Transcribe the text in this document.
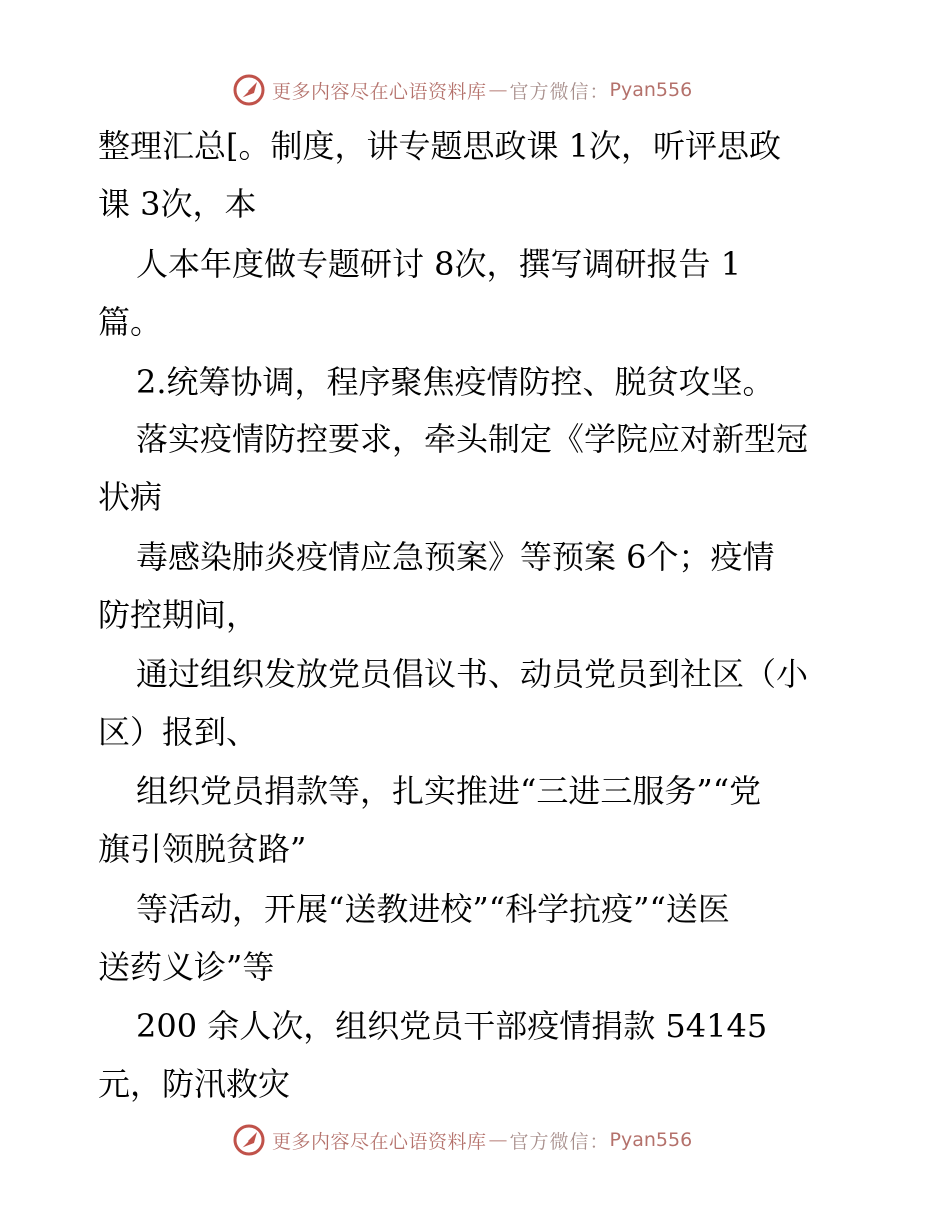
更多内容尽在心语资料库 — 官方微信： Pyan556
整理汇总[。制度，讲专题思政课 1次，听评思政
课 3次，本
人本年度做专题研讨 8次，撰写调研报告 1
篇。
2.统筹协调，程序聚焦疫情防控、脱贫攻坚。
落实疫情防控要求，牵头制定《学院应对新型冠
状病
毒感染肺炎疫情应急预案》等预案 6个；疫情
防控期间，
通过组织发放党员倡议书、动员党员到社区（小
区）报到、
组织党员捐款等，扎实推进“三进三服务”“党
旗引领脱贫路”
等活动，开展“送教进校”“科学抗疫”“送医
送药义诊”等
200 余人次，组织党员干部疫情捐款 54145
元，防汛救灾
更多内容尽在心语资料库 — 官方微信： Pyan556
